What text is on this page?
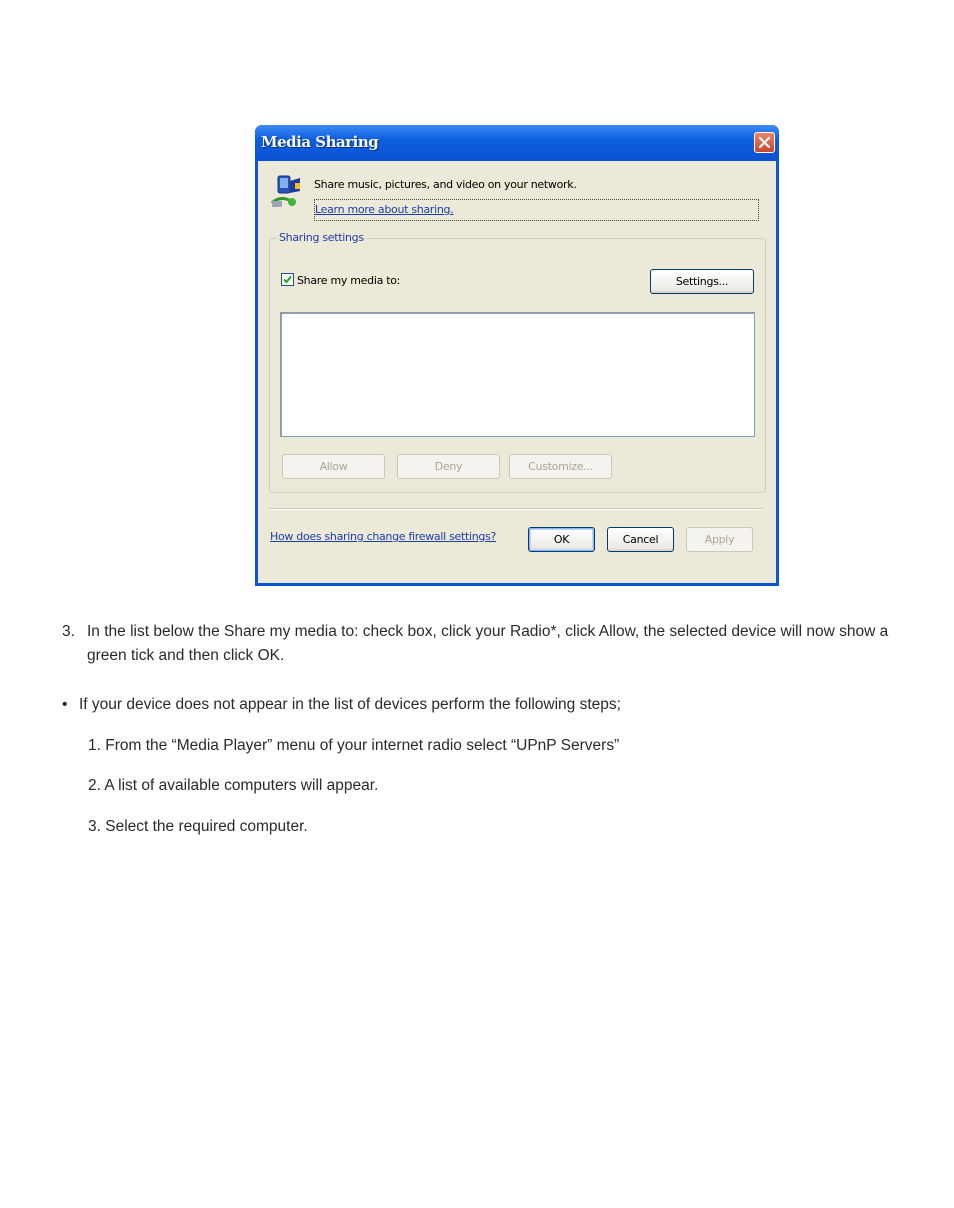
Media Sharing
Share music, pictures, and video on your network.
Learn more about sharing.
Sharing settings
Share my media to:	Settings...
Allow	Deny	Customize...
How does sharing change firewall settings?	OK	Cancel	Apply
3. In the list below the Share my media to: check box, click your Radio*, click Allow, the selected device will now show a green tick and then click OK.
• If your device does not appear in the list of devices perform the following steps;
1. From the “Media Player” menu of your internet radio select “UPnP Servers”
2. A list of available computers will appear.
3. Select the required computer.
